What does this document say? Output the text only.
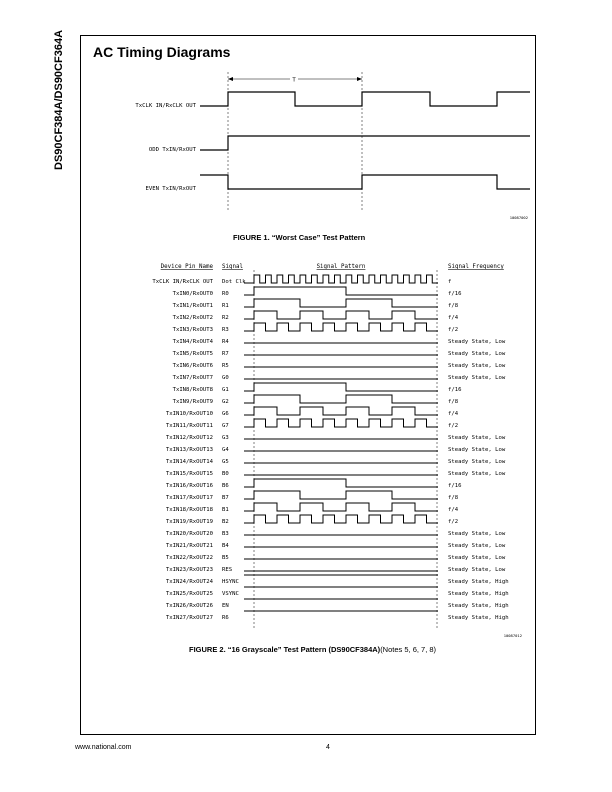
DS90CF384A/DS90CF364A AC Timing Diagrams
T
TxCLK IN/RxCLK OUT
ODD TxIN/RxOUT
EVEN TxIN/RxOUT
10087002
FIGURE 1. “Worst Case” Test Pattern
Device Pin Name Signal	Signal Pattern	Signal Frequency
TxCLK IN/RxCLK OUT Dot Clk	f
TxIN0/RxOUT0 R0	f/16
TxIN1/RxOUT1 R1	f/8
TxIN2/RxOUT2 R2	f/4
TxIN3/RxOUT3 R3	f/2
TxIN4/RxOUT4 R4	Steady State, Low
TxIN5/RxOUT5 R7	Steady State, Low
TxIN6/RxOUT6 R5	Steady State, Low
TxIN7/RxOUT7 G0	Steady State, Low
TxIN8/RxOUT8 G1	f/16
TxIN9/RxOUT9 G2	f/8
TxIN10/RxOUT10 G6	f/4
TxIN11/RxOUT11 G7	f/2
TxIN12/RxOUT12 G3	Steady State, Low
TxIN13/RxOUT13 G4	Steady State, Low
TxIN14/RxOUT14 G5	Steady State, Low
TxIN15/RxOUT15 B0	Steady State, Low
TxIN16/RxOUT16 B6	f/16
TxIN17/RxOUT17 B7	f/8
TxIN18/RxOUT18 B1	f/4
TxIN19/RxOUT19 B2	f/2
TxIN20/RxOUT20 B3	Steady State, Low
TxIN21/RxOUT21 B4	Steady State, Low
TxIN22/RxOUT22 B5	Steady State, Low
TxIN23/RxOUT23 RES	Steady State, Low
TxIN24/RxOUT24 HSYNC	Steady State, High
TxIN25/RxOUT25 VSYNC	Steady State, High
TxIN26/RxOUT26 EN	Steady State, High
TxIN27/RxOUT27 R6	Steady State, High
10087012
FIGURE 2. “16 Grayscale” Test Pattern (DS90CF384A)(Notes 5, 6, 7, 8)
www.national.com	4
